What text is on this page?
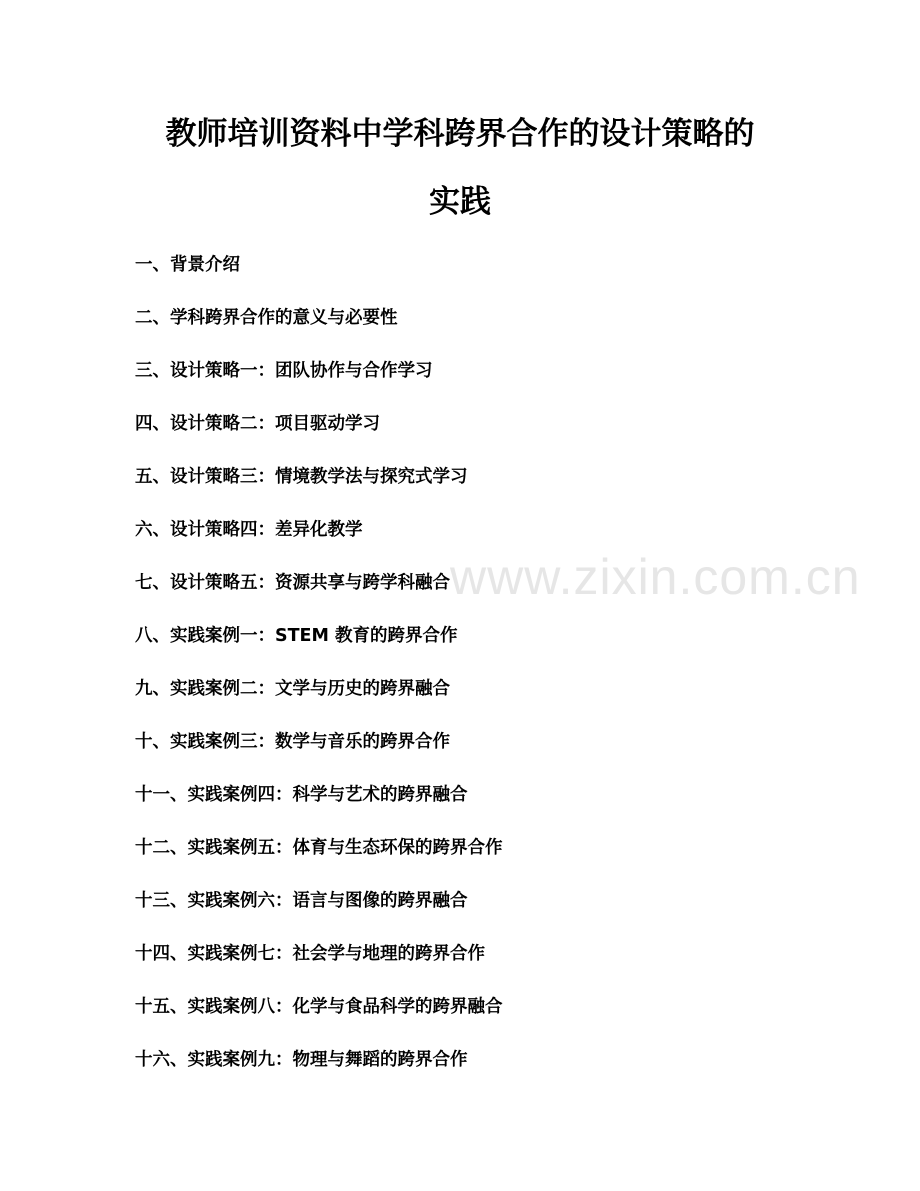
www.zixin.com.cn
教师培训资料中学科跨界合作的设计策略的
实践
一、背景介绍
二、学科跨界合作的意义与必要性
三、设计策略一：团队协作与合作学习
四、设计策略二：项目驱动学习
五、设计策略三：情境教学法与探究式学习
六、设计策略四：差异化教学
七、设计策略五：资源共享与跨学科融合
八、实践案例一：STEM 教育的跨界合作
九、实践案例二：文学与历史的跨界融合
十、实践案例三：数学与音乐的跨界合作
十一、实践案例四：科学与艺术的跨界融合
十二、实践案例五：体育与生态环保的跨界合作
十三、实践案例六：语言与图像的跨界融合
十四、实践案例七：社会学与地理的跨界合作
十五、实践案例八：化学与食品科学的跨界融合
十六、实践案例九：物理与舞蹈的跨界合作
